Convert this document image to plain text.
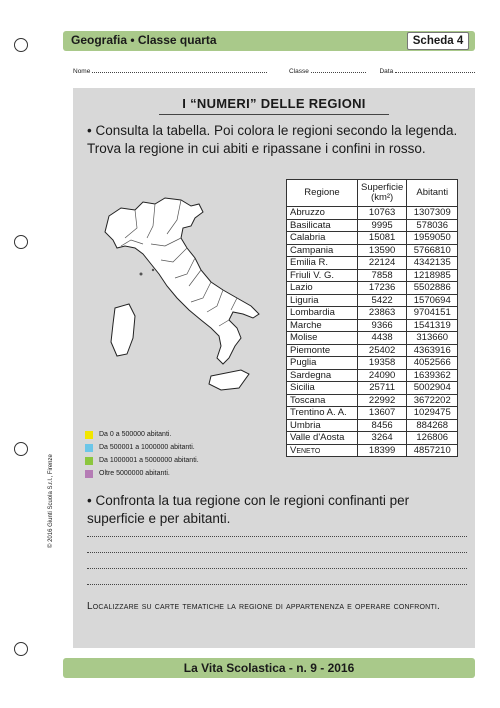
Geografia • Classe quarta	Scheda 4
Nome	Classe	Data
I “NUMERI” DELLE REGIONI
• Consulta la tabella. Poi colora le regioni secondo la legenda. Trova la regione in cui abiti e ripassane i confini in rosso.
Da 0 a 500000 abitanti.
Da 500001 a 1000000 abitanti.
Da 1000001 a 5000000 abitanti.
Oltre 5000000 abitanti.
Regione	Superficie (km²)	Abitanti
Abruzzo	10763	1307309
Basilicata	9995	578036
Calabria	15081	1959050
Campania	13590	5766810
Emilia R.	22124	4342135
Friuli V. G.	7858	1218985
Lazio	17236	5502886
Liguria	5422	1570694
Lombardia	23863	9704151
Marche	9366	1541319
Molise	4438	313660
Piemonte	25402	4363916
Puglia	19358	4052566
Sardegna	24090	1639362
Sicilia	25711	5002904
Toscana	22992	3672202
Trentino A. A.	13607	1029475
Umbria	8456	884268
Valle d'Aosta	3264	126806
Veneto	18399	4857210
• Confronta la tua regione con le regioni confinanti per superficie e per abitanti.
Localizzare su carte tematiche la regione di appartenenza e operare confronti.
© 2016 Giunti Scuola S.r.l., Firenze
La Vita Scolastica - n. 9 - 2016
